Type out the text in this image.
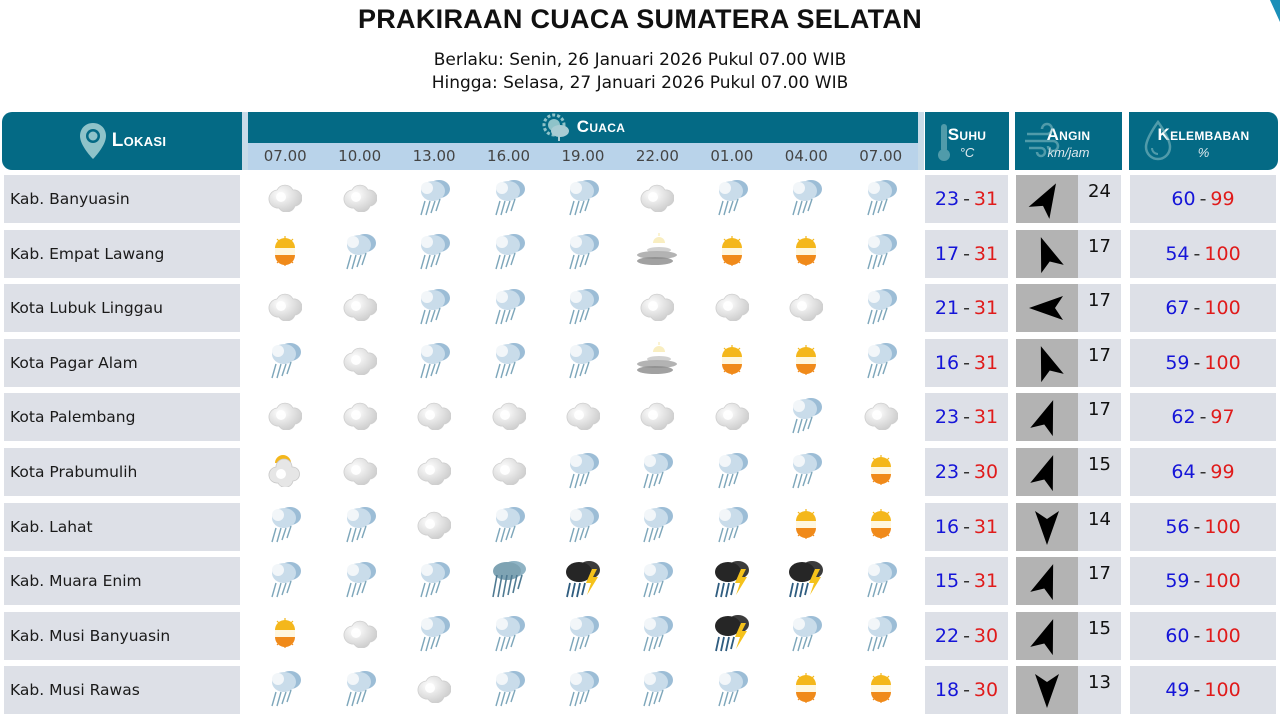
PRAKIRAAN CUACA SUMATERA SELATAN
Berlaku: Senin, 26 Januari 2026 Pukul 07.00 WIB
Hingga: Selasa, 27 Januari 2026 Pukul 07.00 WIB
Lokasi
Cuaca
07.00	10.00	13.00	16.00	19.00	22.00	01.00	04.00	07.00
Suhu
°C
Angin
km/jam
Kelembaban
%
Kab. Banyuasin	23 - 31	24	60 - 99
Kab. Empat Lawang	17 - 31	17	54 - 100
Kota Lubuk Linggau	21 - 31	17	67 - 100
Kota Pagar Alam	16 - 31	17	59 - 100
Kota Palembang	23 - 31	17	62 - 97
Kota Prabumulih	23 - 30	15	64 - 99
Kab. Lahat	16 - 31	14	56 - 100
Kab. Muara Enim	15 - 31	17	59 - 100
Kab. Musi Banyuasin	22 - 30	15	60 - 100
Kab. Musi Rawas	18 - 30	13	49 - 100
